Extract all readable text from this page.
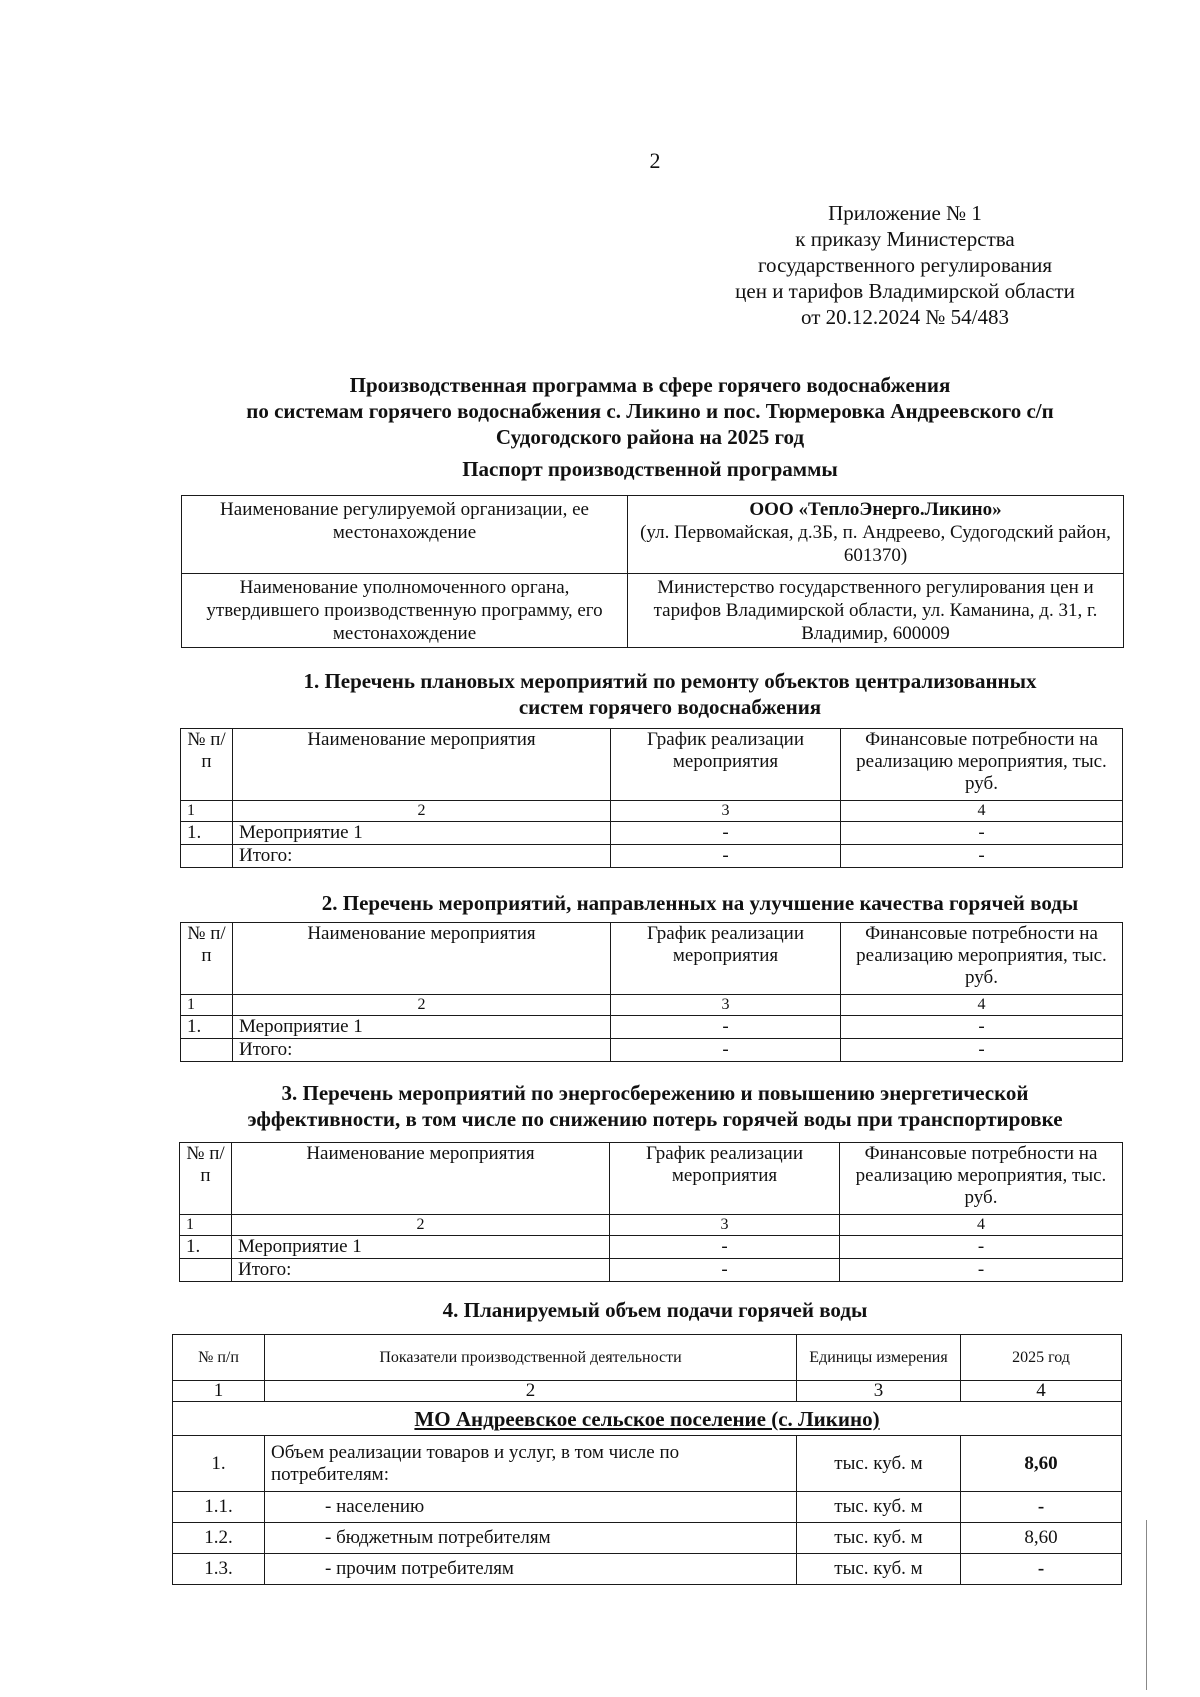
2
Приложение № 1
к приказу Министерства
государственного регулирования
цен и тарифов Владимирской области
от 20.12.2024 № 54/483
Производственная программа в сфере горячего водоснабжения
по системам горячего водоснабжения с. Ликино и пос. Тюрмеровка Андреевского с/п
Судогодского района на 2025 год
Паспорт производственной программы
Наименование регулируемой организации, ее местонахождение	ООО «ТеплоЭнерго.Ликино»
(ул. Первомайская, д.3Б, п. Андреево, Судогодский район, 601370)

Наименование уполномоченного органа, утвердившего производственную программу, его местонахождение	Министерство государственного регулирования цен и тарифов Владимирской области, ул. Каманина, д. 31, г. Владимир, 600009
1. Перечень плановых мероприятий по ремонту объектов централизованных
систем горячего водоснабжения
№ п/п	Наименование мероприятия	График реализации мероприятия	Финансовые потребности на реализацию мероприятия, тыс. руб.
1	2	3	4
1.	Мероприятие 1	-	-
	Итого:	-	-
2. Перечень мероприятий, направленных на улучшение качества горячей воды
№ п/п	Наименование мероприятия	График реализации мероприятия	Финансовые потребности на реализацию мероприятия, тыс. руб.
1	2	3	4
1.	Мероприятие 1	-	-
	Итого:	-	-
3. Перечень мероприятий по энергосбережению и повышению энергетической
эффективности, в том числе по снижению потерь горячей воды при транспортировке
№ п/п	Наименование мероприятия	График реализации мероприятия	Финансовые потребности на реализацию мероприятия, тыс. руб.
1	2	3	4
1.	Мероприятие 1	-	-
	Итого:	-	-
4. Планируемый объем подачи горячей воды
№ п/п	Показатели производственной деятельности	Единицы измерения	2025 год
1	2	3	4
МО Андреевское сельское поселение (с. Ликино)			
1.	Объем реализации товаров и услуг, в том числе по потребителям:	тыс. куб. м	8,60
1.1.	- населению	тыс. куб. м	-
1.2.	- бюджетным потребителям	тыс. куб. м	8,60
1.3.	- прочим потребителям	тыс. куб. м	-
